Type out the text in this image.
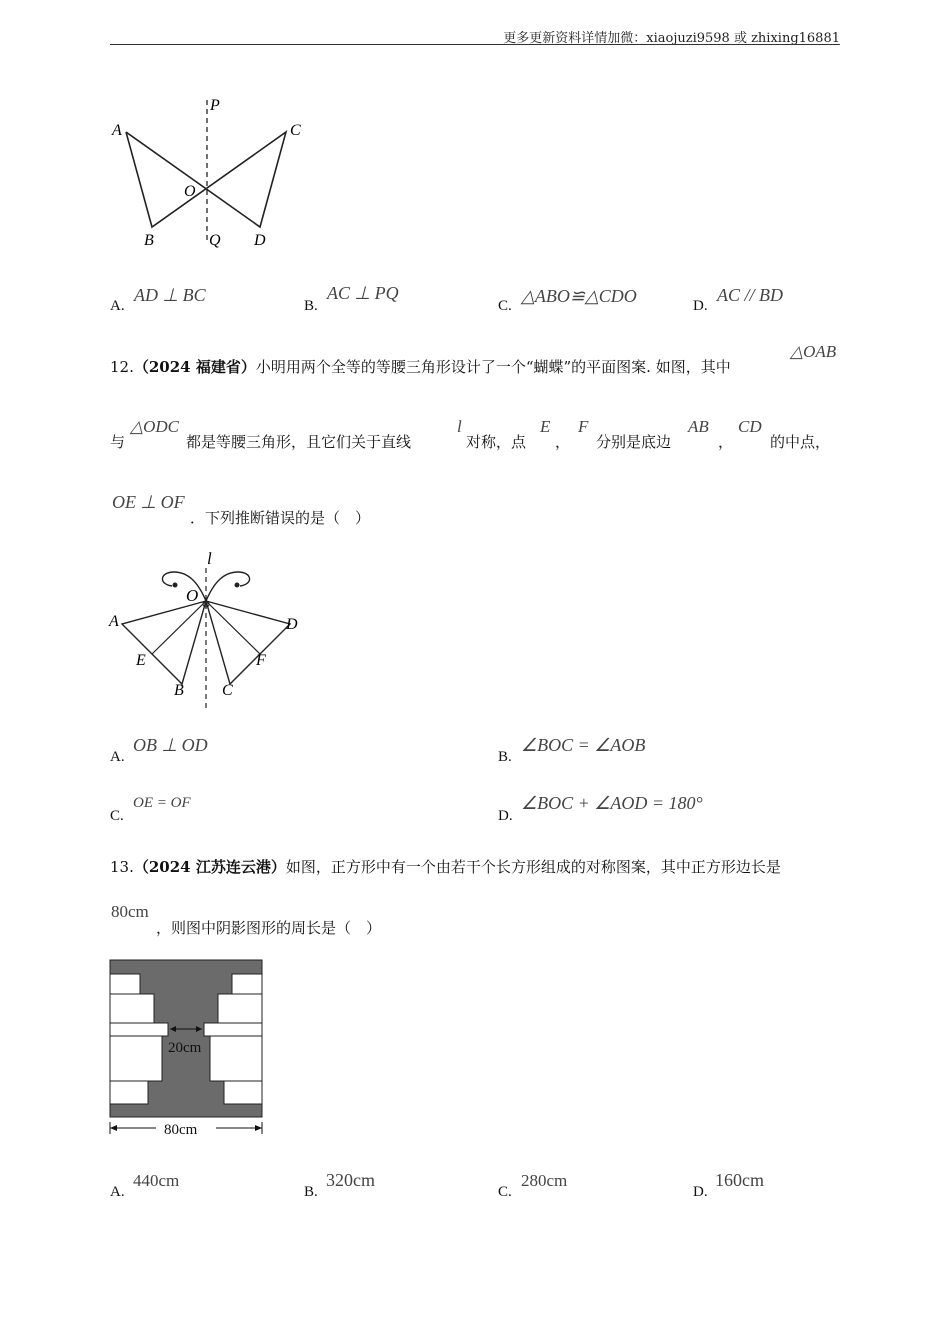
更多更新资料详情加微：xiaojuzi9598 或 zhixing16881
P
A	C
O
B	Q D
A.
AD ⊥ BC
B.
AC ⊥ PQ
C. △ABO≌△CDO	D.
AC // BD
12.（2024 福建省）小明用两个全等的等腰三角形设计了一个“蝴蝶”的平面图案. 如图，其中
△OAB
与
△ODC
都是等腰三角形，且它们关于直线
l
对称，点
E
，
F
分别是底边
AB
，
CD
的中点，
OE ⊥ OF
．下列推断错误的是（　）
l
O
A	D
E	F
B C
A.
OB ⊥ OD
B.
∠BOC = ∠AOB
C.
OE = OF
D.
∠BOC + ∠AOD = 180°
13.（2024 江苏连云港）如图，正方形中有一个由若干个长方形组成的对称图案，其中正方形边长是
80cm
，则图中阴影图形的周长是（　）
20cm
80cm
A.
440cm
B.
320cm
C.
280cm
D.
160cm
